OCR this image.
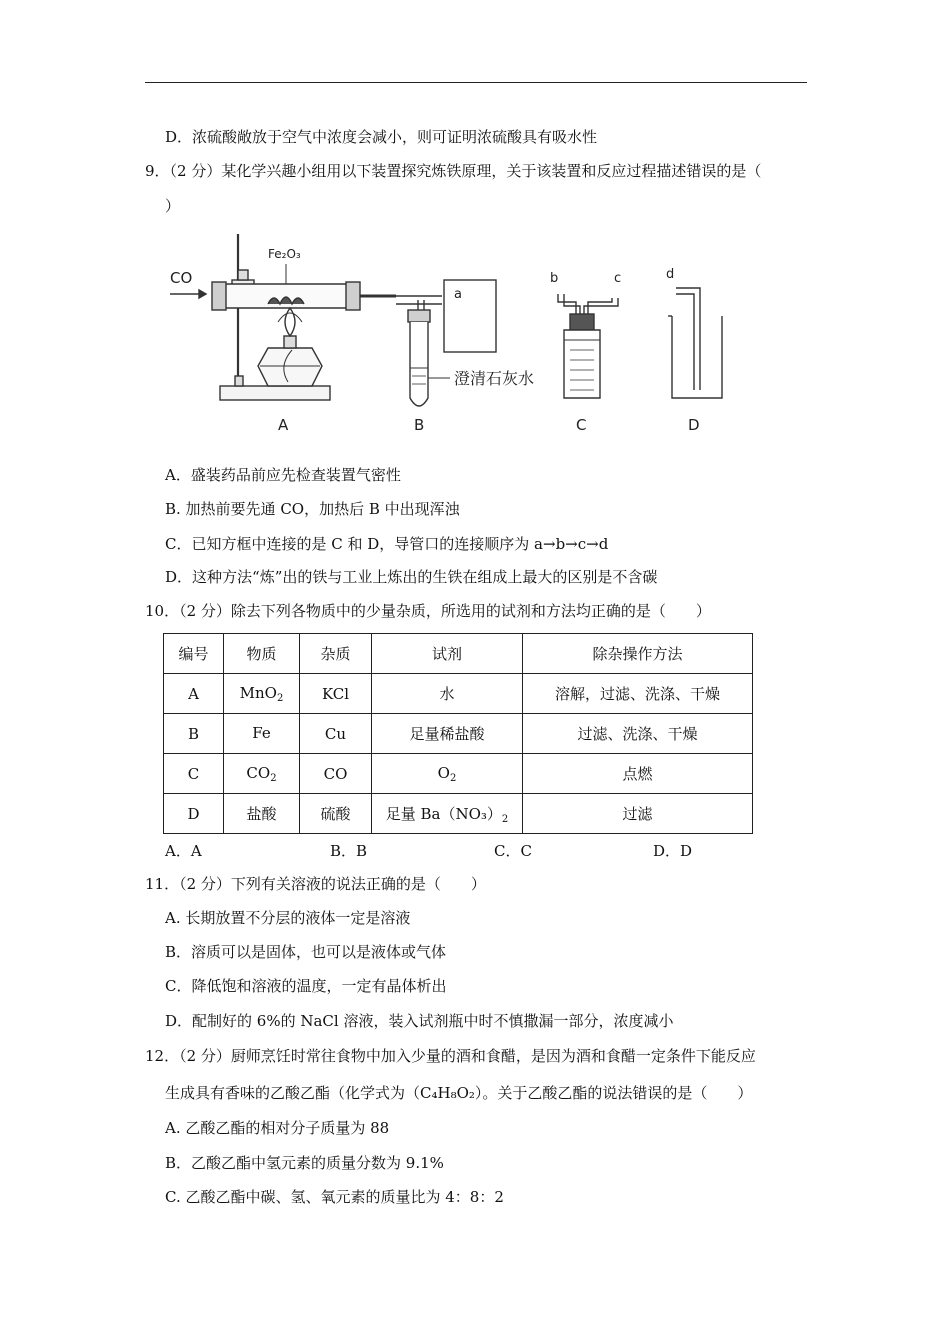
D．浓硫酸敞放于空气中浓度会减小，则可证明浓硫酸具有吸水性
9．（2 分）某化学兴趣小组用以下装置探究炼铁原理，关于该装置和反应过程描述错误的是（
）
CO
Fe₂O₃
A
a
澄清石灰水
B
b	c
C
d
D
A．盛装药品前应先检查装置气密性
B. 加热前要先通 CO，加热后 B 中出现浑浊
C．已知方框中连接的是 C 和 D，导管口的连接顺序为 a→b→c→d
D．这种方法“炼”出的铁与工业上炼出的生铁在组成上最大的区别是不含碳
10．（2 分）除去下列各物质中的少量杂质，所选用的试剂和方法均正确的是（　　）
编号	物质	杂质	试剂	除杂操作方法
A	MnO$_2$	KCl	水	溶解，过滤、洗涤、干燥
B	Fe	Cu	足量稀盐酸	过滤、洗涤、干燥
C	$CO_2$	CO	$O_2$	点燃
D	盐酸	硫酸	足量 $Ba(NO_3)_2$	过滤
A．A	B．B	C．C	D．D
11．（2 分）下列有关溶液的说法正确的是（　　）
A. 长期放置不分层的液体一定是溶液
B．溶质可以是固体，也可以是液体或气体
C．降低饱和溶液的温度，一定有晶体析出
D．配制好的 6%的 NaCl 溶液，装入试剂瓶中时不慎撒漏一部分，浓度减小
12．（2 分）厨师烹饪时常往食物中加入少量的酒和食醋，是因为酒和食醋一定条件下能反应
生成具有香味的乙酸乙酯（化学式为（C₄H₈O₂）。关于乙酸乙酯的说法错误的是（　　）
A. 乙酸乙酯的相对分子质量为 88
B．乙酸乙酯中氢元素的质量分数为 9.1%
C. 乙酸乙酯中碳、氢、氧元素的质量比为 4：8：2
